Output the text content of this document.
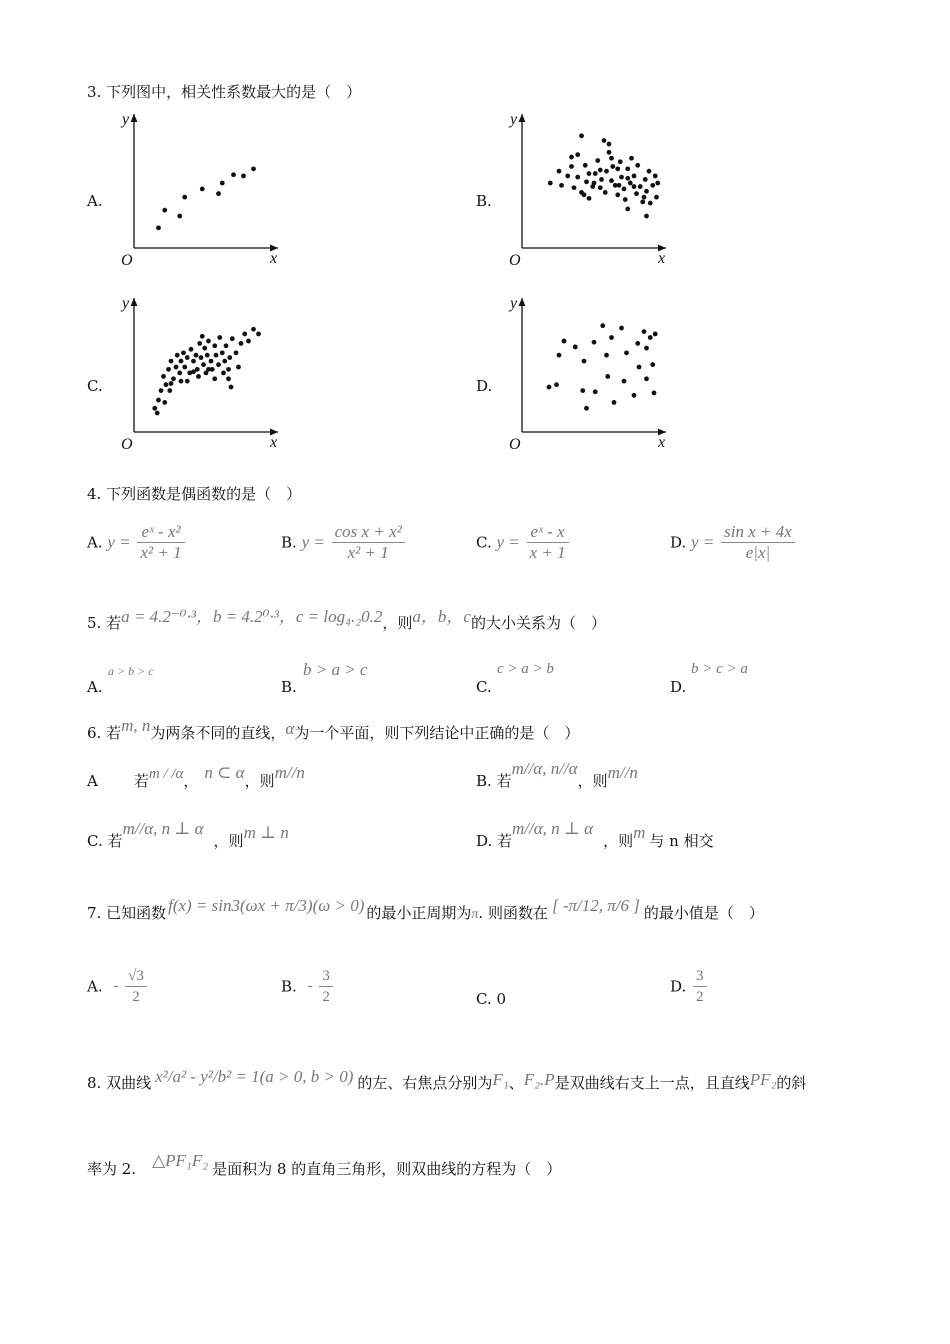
3. 下列图中，相关性系数最大的是（　）
A.	B.
C.	D.
x
y
O	x
y
O
x
y
O	x
y
O
4. 下列函数是偶函数的是（　）
A. $y = \frac{\text{eˣ - x²}}{\text{x² + 1}}$	B. $y = \frac{\text{cos x + x²}}{\text{x² + 1}}$	C. $y = \frac{\text{eˣ - x}}{x + 1}$	D. $y = \frac{\text{sin x + 4x}}{e|x|}$
5. 若a = 4.2⁻⁰·³，b = 4.2⁰·³，c = log₄.₂0.2，则a，b，c的大小关系为（　）
A.
a > b > c
B.
b > a > c
C.
c > a > b
D.
b > c > a
6. 若m, n为两条不同的直线，α为一个平面，则下列结论中正确的是（　）
A 若m / /α， n ⊂ α，则m//n	B. 若m//α, n//α，则m//n
C. 若m//α, n ⊥ α，则m ⊥ n	D. 若m//α, n ⊥ α，则m 与 n 相交
7. 已知函数 f(x) = sin3(ωx + π/3)(ω > 0) 的最小正周期为π. 则函数在 [ -π/12, π/6 ] 的最小值是（　）
A. - $\frac{√3}{2}$	B. - $\frac{3}{2}$	C. 0
D. $\frac{3}{2}$
8. 双曲线 x²/a² - y²/b² = 1(a > 0, b > 0) 的左、右焦点分别为F₁、F₂.P是双曲线右支上一点，且直线PF₂的斜
率为 2. △PF₁F₂ 是面积为 8 的直角三角形，则双曲线的方程为（　）
